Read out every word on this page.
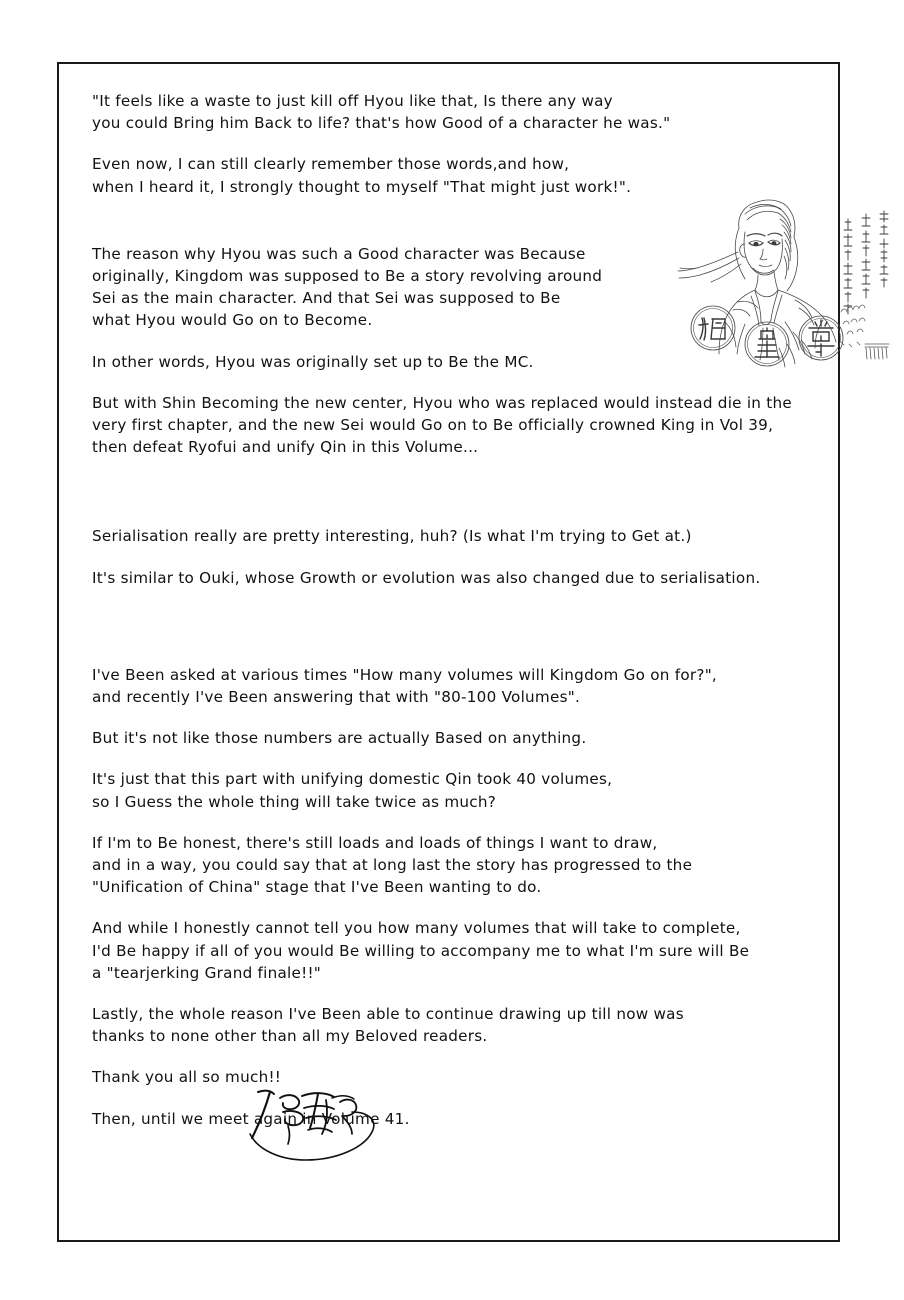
"It feels like a waste to just kill off Hyou like that, Is there any way
you could Bring him Back to life? that's how Good of a character he was."

Even now, I can still clearly remember those words,and how,
when I heard it, I strongly thought to myself "That might just work!".

The reason why Hyou was such a Good character was Because
originally, Kingdom was supposed to Be a story revolving around
Sei as the main character. And that Sei was supposed to Be
what Hyou would Go on to Become.

In other words, Hyou was originally set up to Be the MC.

But with Shin Becoming the new center, Hyou who was replaced would instead die in the
very first chapter, and the new Sei would Go on to Be officially crowned King in Vol 39,
then defeat Ryofui and unify Qin in this Volume...

Serialisation really are pretty interesting, huh? (Is what I'm trying to Get at.)

It's similar to Ouki, whose Growth or evolution was also changed due to serialisation.

I've Been asked at various times "How many volumes will Kingdom Go on for?",
and recently I've Been answering that with "80-100 Volumes".

But it's not like those numbers are actually Based on anything.

It's just that this part with unifying domestic Qin took 40 volumes,
so I Guess the whole thing will take twice as much?

If I'm to Be honest, there's still loads and loads of things I want to draw,
and in a way, you could say that at long last the story has progressed to the
"Unification of China" stage that I've Been wanting to do.

And while I honestly cannot tell you how many volumes that will take to complete,
I'd Be happy if all of you would Be willing to accompany me to what I'm sure will Be
a "tearjerking Grand finale!!"

Lastly, the whole reason I've Been able to continue drawing up till now was
thanks to none other than all my Beloved readers.

Thank you all so much!!

Then, until we meet again in Volume 41.
